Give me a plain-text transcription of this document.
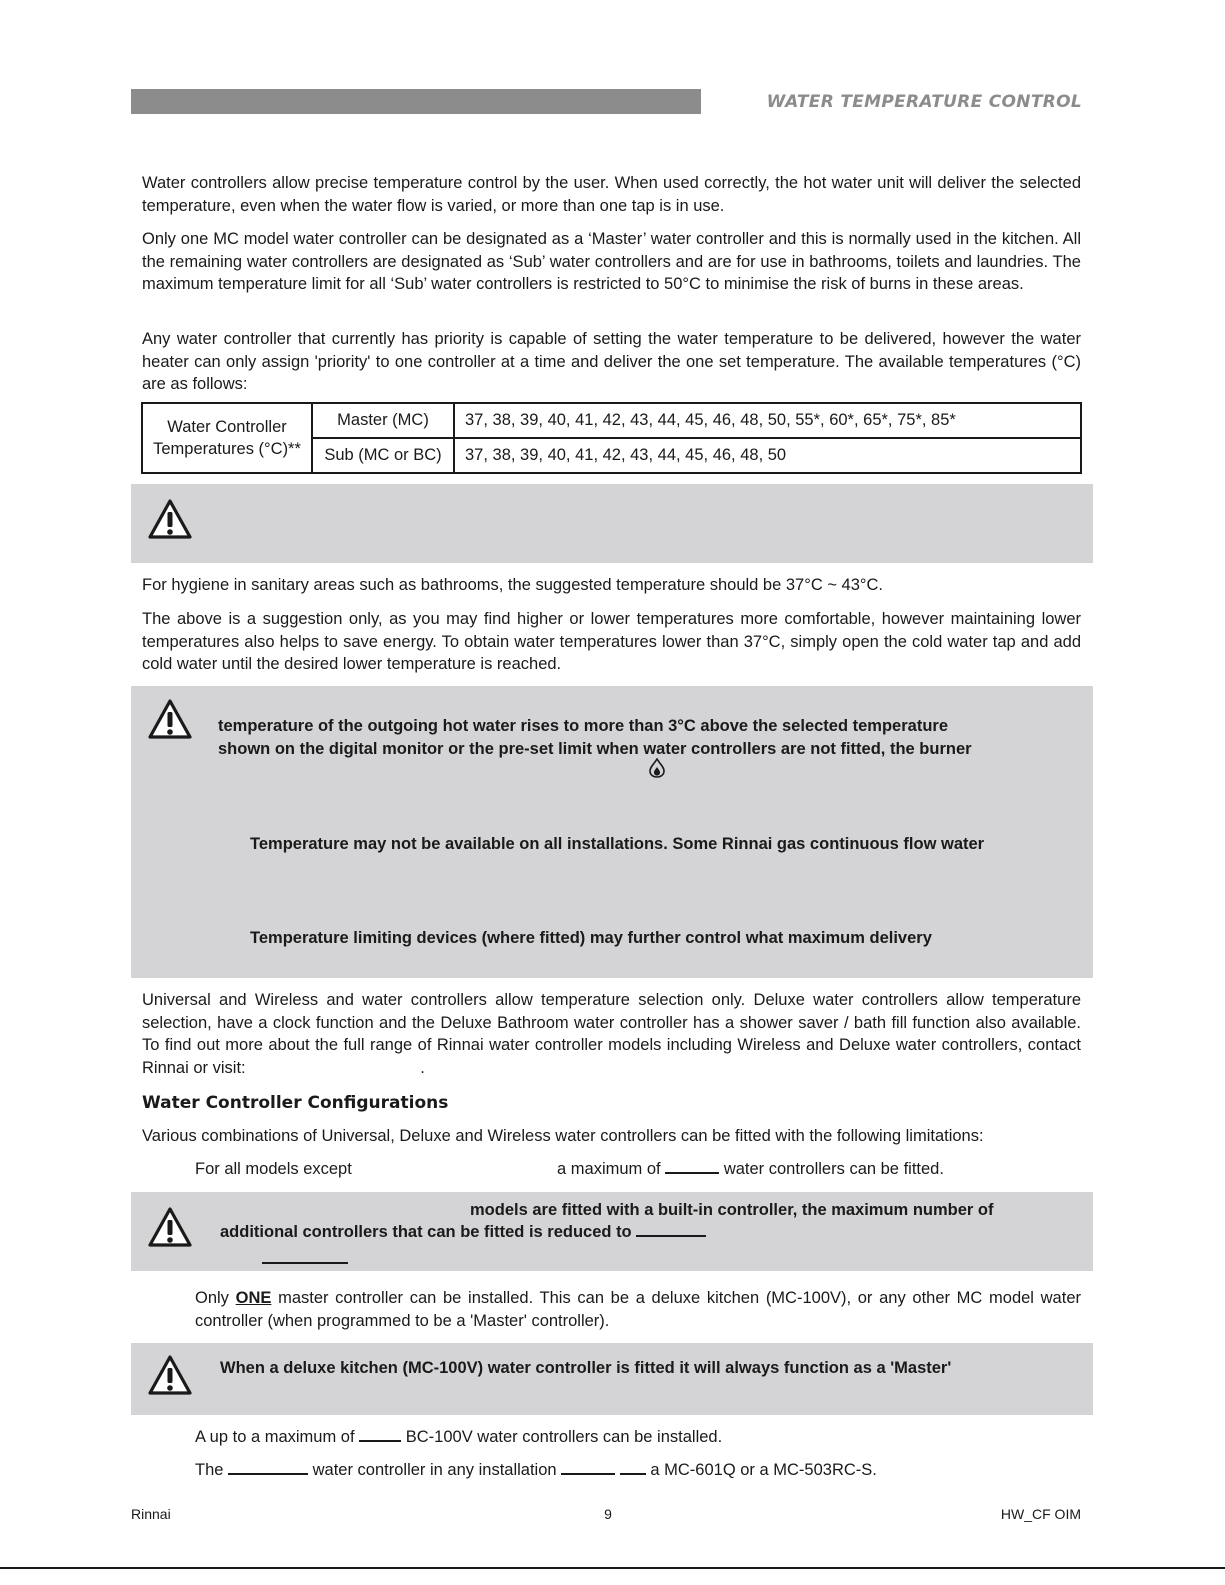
WATER TEMPERATURE CONTROL

Water controllers allow precise temperature control by the user. When used correctly, the hot water unit will deliver the selected temperature, even when the water flow is varied, or more than one tap is in use.

Only one MC model water controller can be designated as a ‘Master’ water controller and this is normally used in the kitchen. All the remaining water controllers are designated as ‘Sub’ water controllers and are for use in bathrooms, toilets and laundries. The maximum temperature limit for all ‘Sub’ water controllers is restricted to 50°C to minimise the risk of burns in these areas.

Any water controller that currently has priority is capable of setting the water temperature to be delivered, however the water heater can only assign 'priority' to one controller at a time and deliver the one set temperature. The available temperatures (°C) are as follows:

Water Controller
Temperatures (°C)**	Master (MC)	37, 38, 39, 40, 41, 42, 43, 44, 45, 46, 48, 50, 55*, 60*, 65*, 75*, 85*
	Sub (MC or BC)	37, 38, 39, 40, 41, 42, 43, 44, 45, 46, 48, 50

For hygiene in sanitary areas such as bathrooms, the suggested temperature should be 37°C ~ 43°C.

The above is a suggestion only, as you may find higher or lower temperatures more comfortable, however maintaining lower temperatures also helps to save energy. To obtain water temperatures lower than 37°C, simply open the cold water tap and add cold water until the desired lower temperature is reached.

temperature of the outgoing hot water rises to more than 3°C above the selected temperature

shown on the digital monitor or the pre-set limit when water controllers are not fitted, the burner

Temperature may not be available on all installations. Some Rinnai gas continuous flow water

Temperature limiting devices (where fitted) may further control what maximum delivery

Universal and Wireless and water controllers allow temperature selection only. Deluxe water controllers allow temperature selection, have a clock function and the Deluxe Bathroom water controller has a shower saver / bath fill function also available. To find out more about the full range of Rinnai water controller models including Wireless and Deluxe water controllers, contact Rinnai or visit:	.

Water Controller Configurations

Various combinations of Universal, Deluxe and Wireless water controllers can be fitted with the following limitations:

For all models except	a maximum of	water controllers can be fitted.

models are fitted with a built-in controller, the maximum number of

additional controllers that can be fitted is reduced to

Only ONE master controller can be installed. This can be a deluxe kitchen (MC-100V), or any other MC model water controller (when programmed to be a 'Master' controller).

When a deluxe kitchen (MC-100V) water controller is fitted it will always function as a 'Master'

A up to a maximum of	BC-100V water controllers can be installed.
The	water controller in any installation	a MC-601Q or a MC-503RC-S.
Rinnai	9	HW_CF OIM
